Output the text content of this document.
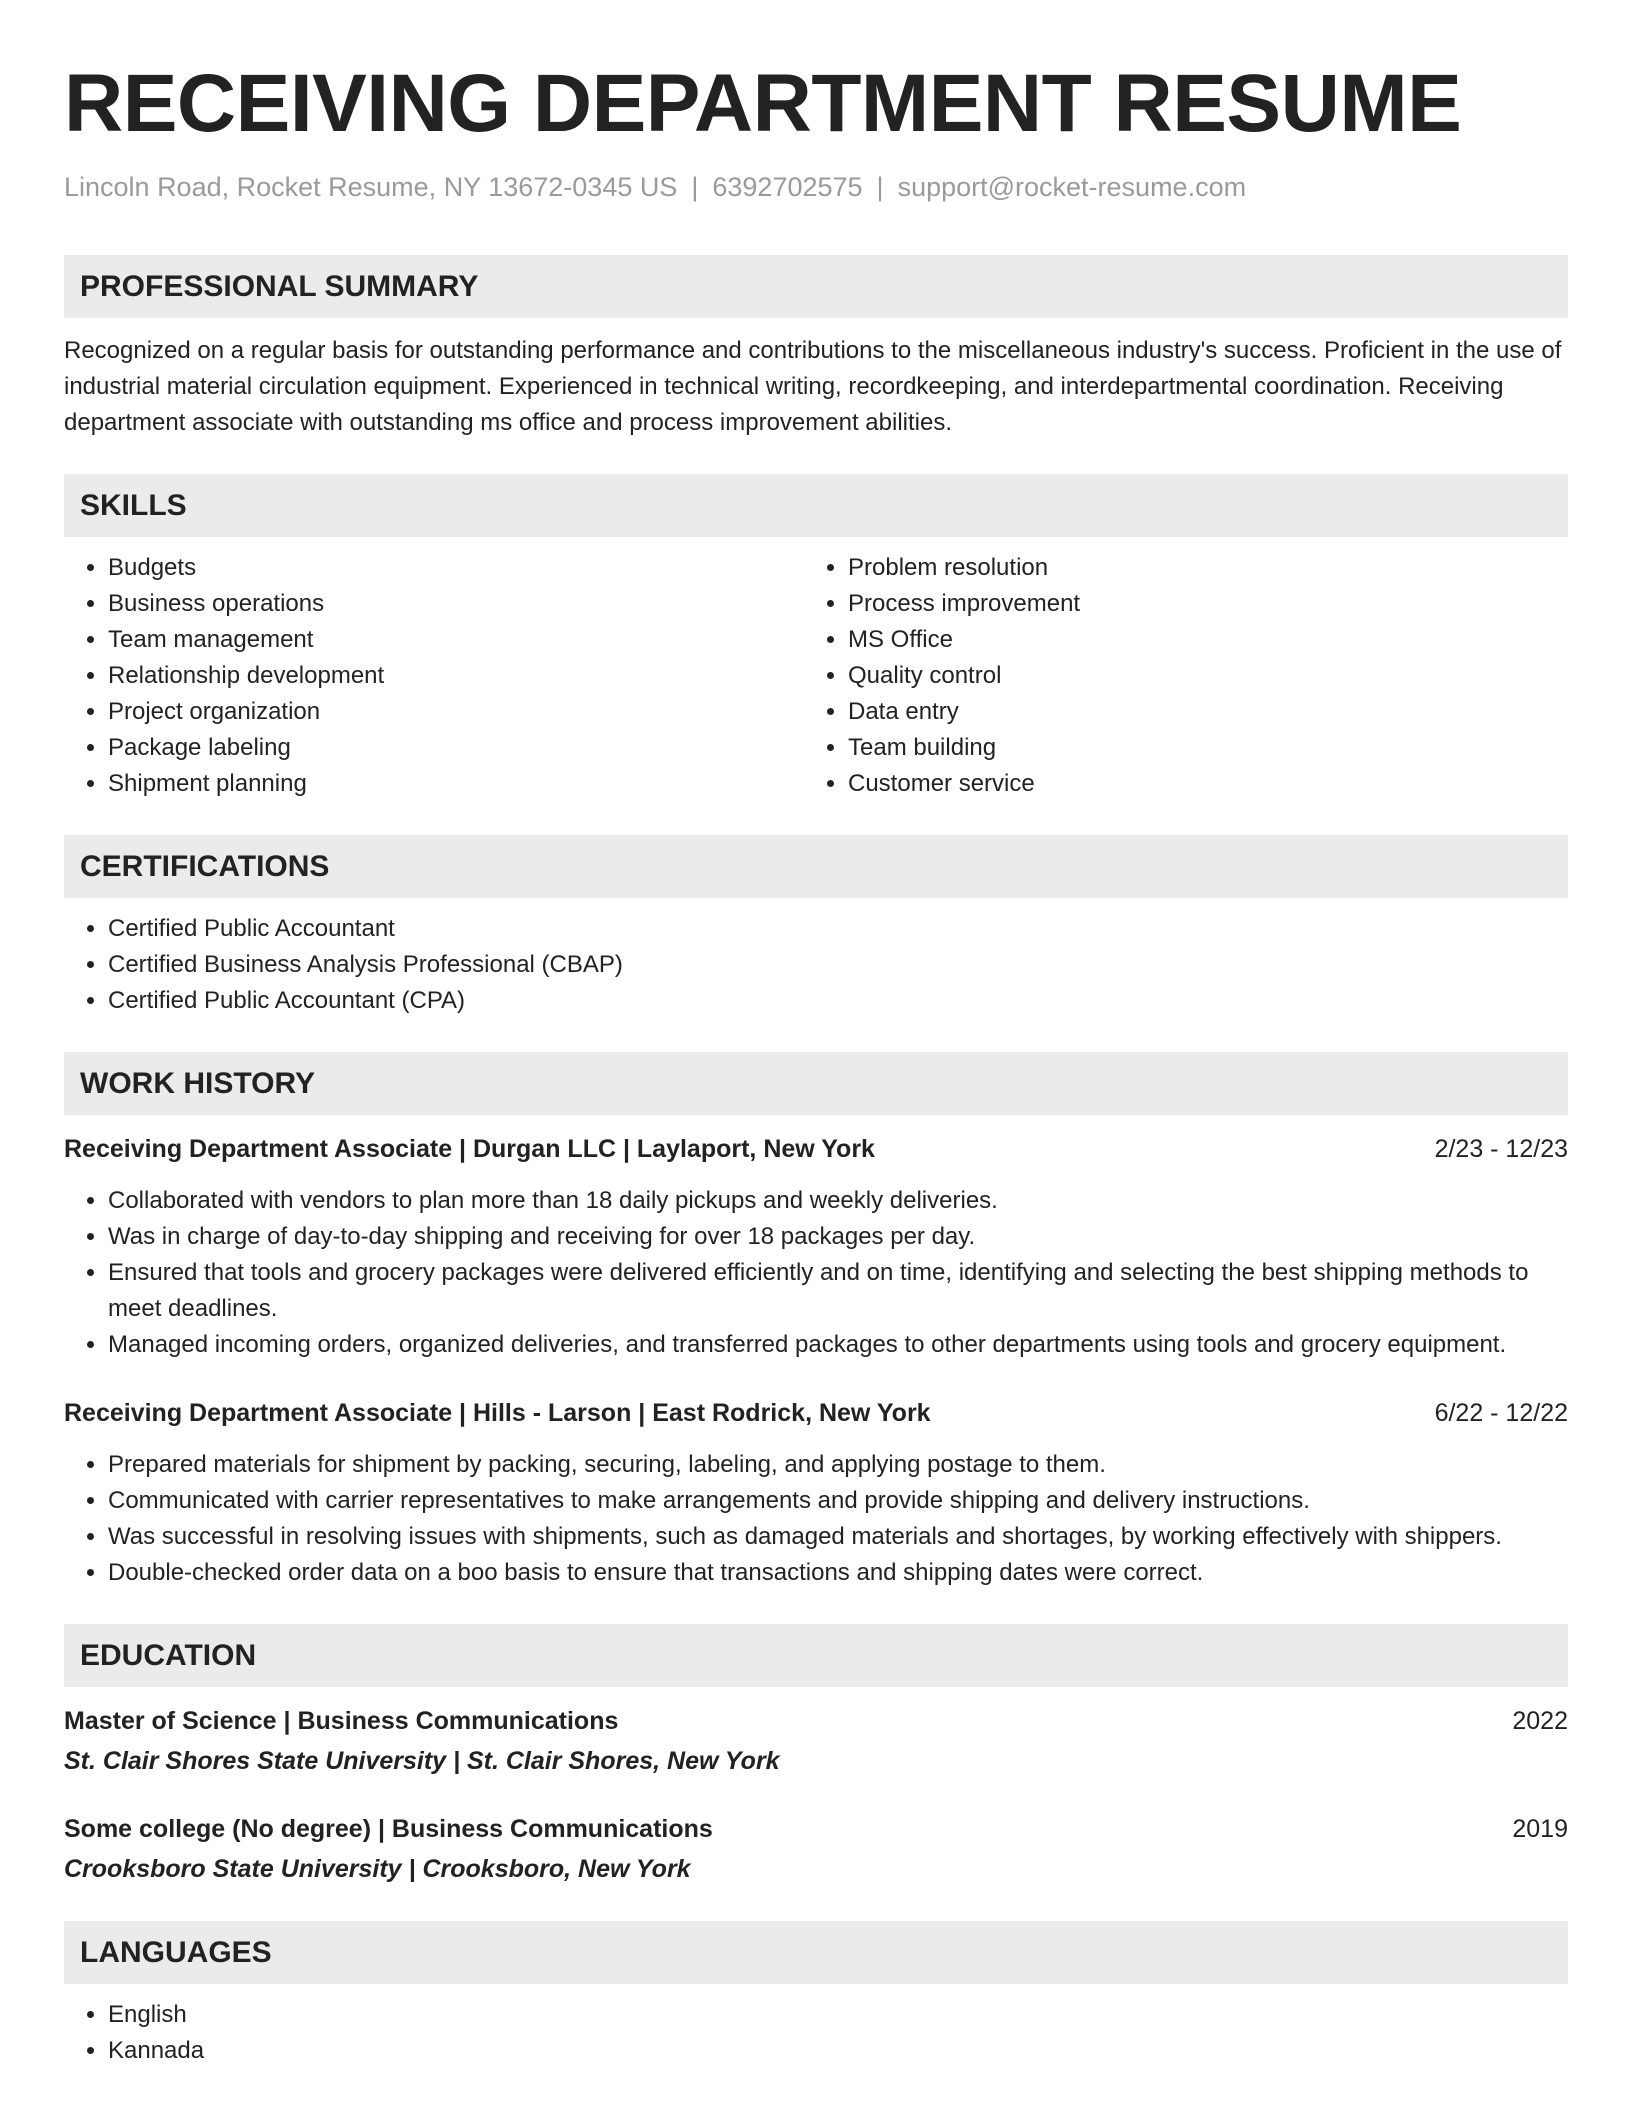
RECEIVING DEPARTMENT RESUME
Lincoln Road, Rocket Resume, NY 13672-0345 US | 6392702575 | support@rocket-resume.com
PROFESSIONAL SUMMARY
Recognized on a regular basis for outstanding performance and contributions to the miscellaneous industry's success. Proficient in the use of industrial material circulation equipment. Experienced in technical writing, recordkeeping, and interdepartmental coordination. Receiving department associate with outstanding ms office and process improvement abilities.
SKILLS
• Budgets
• Business operations
• Team management
• Relationship development
• Project organization
• Package labeling
• Shipment planning
• Problem resolution
• Process improvement
• MS Office
• Quality control
• Data entry
• Team building
• Customer service
CERTIFICATIONS
• Certified Public Accountant
• Certified Business Analysis Professional (CBAP)
• Certified Public Accountant (CPA)
WORK HISTORY
Receiving Department Associate | Durgan LLC | Laylaport, New York	2/23 - 12/23
• Collaborated with vendors to plan more than 18 daily pickups and weekly deliveries.
• Was in charge of day-to-day shipping and receiving for over 18 packages per day.
• Ensured that tools and grocery packages were delivered efficiently and on time, identifying and selecting the best shipping methods to meet deadlines.
• Managed incoming orders, organized deliveries, and transferred packages to other departments using tools and grocery equipment.
Receiving Department Associate | Hills - Larson | East Rodrick, New York	6/22 - 12/22
• Prepared materials for shipment by packing, securing, labeling, and applying postage to them.
• Communicated with carrier representatives to make arrangements and provide shipping and delivery instructions.
• Was successful in resolving issues with shipments, such as damaged materials and shortages, by working effectively with shippers.
• Double-checked order data on a boo basis to ensure that transactions and shipping dates were correct.
EDUCATION
Master of Science | Business Communications	2022
St. Clair Shores State University | St. Clair Shores, New York
Some college (No degree) | Business Communications	2019
Crooksboro State University | Crooksboro, New York
LANGUAGES
• English
• Kannada
